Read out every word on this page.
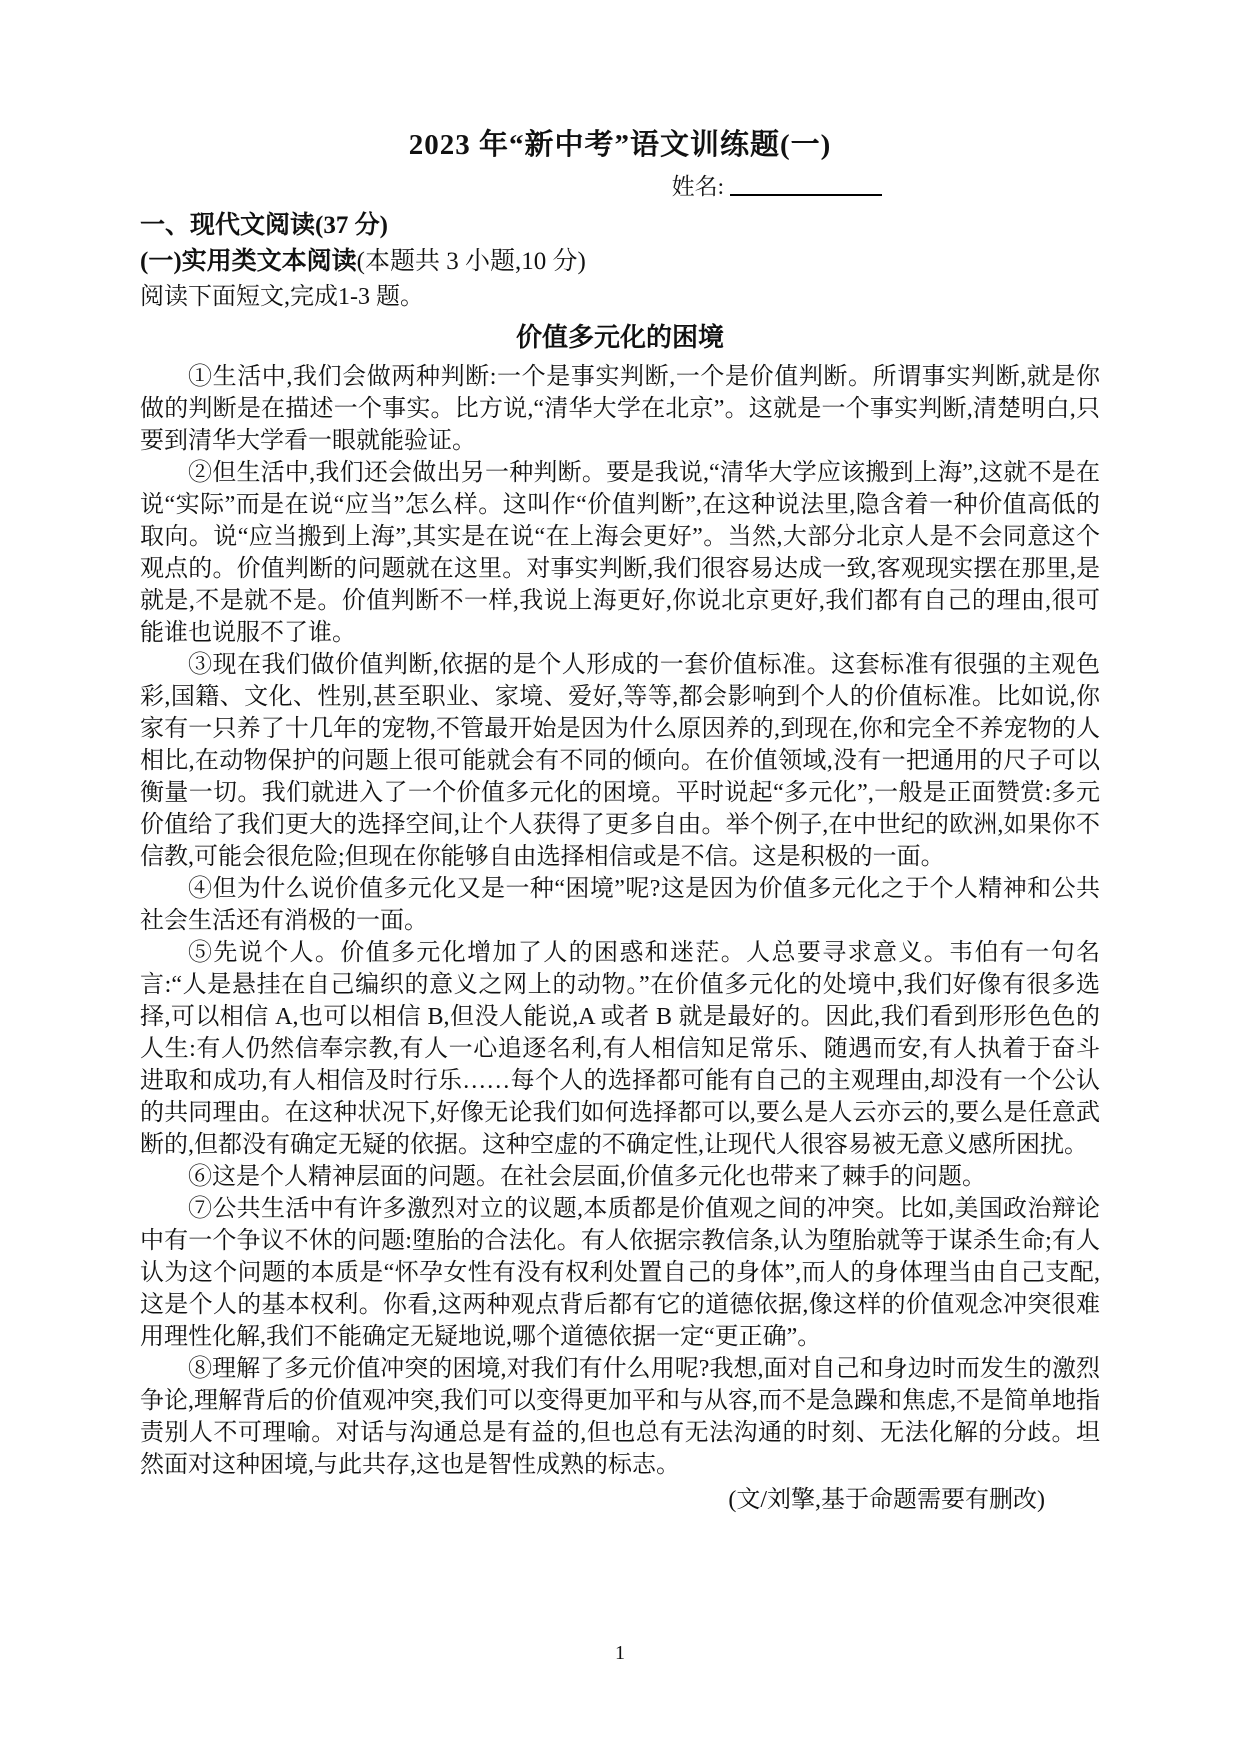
2023 年“新中考”语文训练题(一)
姓名:
一、现代文阅读(37 分)
(一)实用类文本阅读(本题共 3 小题,10 分)
阅读下面短文,完成1-3 题。
价值多元化的困境

①生活中,我们会做两种判断:一个是事实判断,一个是价值判断。所谓事实判断,就是你做的判断是在描述一个事实。比方说,“清华大学在北京”。这就是一个事实判断,清楚明白,只要到清华大学看一眼就能验证。

②但生活中,我们还会做出另一种判断。要是我说,“清华大学应该搬到上海”,这就不是在说“实际”而是在说“应当”怎么样。这叫作“价值判断”,在这种说法里,隐含着一种价值高低的取向。说“应当搬到上海”,其实是在说“在上海会更好”。当然,大部分北京人是不会同意这个观点的。价值判断的问题就在这里。对事实判断,我们很容易达成一致,客观现实摆在那里,是就是,不是就不是。价值判断不一样,我说上海更好,你说北京更好,我们都有自己的理由,很可能谁也说服不了谁。

③现在我们做价值判断,依据的是个人形成的一套价值标准。这套标准有很强的主观色彩,国籍、文化、性别,甚至职业、家境、爱好,等等,都会影响到个人的价值标准。比如说,你家有一只养了十几年的宠物,不管最开始是因为什么原因养的,到现在,你和完全不养宠物的人相比,在动物保护的问题上很可能就会有不同的倾向。在价值领域,没有一把通用的尺子可以衡量一切。我们就进入了一个价值多元化的困境。平时说起“多元化”,一般是正面赞赏:多元价值给了我们更大的选择空间,让个人获得了更多自由。举个例子,在中世纪的欧洲,如果你不信教,可能会很危险;但现在你能够自由选择相信或是不信。这是积极的一面。

④但为什么说价值多元化又是一种“困境”呢?这是因为价值多元化之于个人精神和公共社会生活还有消极的一面。

⑤先说个人。价值多元化增加了人的困惑和迷茫。人总要寻求意义。韦伯有一句名言:“人是悬挂在自己编织的意义之网上的动物。”在价值多元化的处境中,我们好像有很多选择,可以相信 A,也可以相信 B,但没人能说,A 或者 B 就是最好的。因此,我们看到形形色色的人生:有人仍然信奉宗教,有人一心追逐名利,有人相信知足常乐、随遇而安,有人执着于奋斗进取和成功,有人相信及时行乐……每个人的选择都可能有自己的主观理由,却没有一个公认的共同理由。在这种状况下,好像无论我们如何选择都可以,要么是人云亦云的,要么是任意武断的,但都没有确定无疑的依据。这种空虚的不确定性,让现代人很容易被无意义感所困扰。

⑥这是个人精神层面的问题。在社会层面,价值多元化也带来了棘手的问题。

⑦公共生活中有许多激烈对立的议题,本质都是价值观之间的冲突。比如,美国政治辩论中有一个争议不休的问题:堕胎的合法化。有人依据宗教信条,认为堕胎就等于谋杀生命;有人认为这个问题的本质是“怀孕女性有没有权利处置自己的身体”,而人的身体理当由自己支配,这是个人的基本权利。你看,这两种观点背后都有它的道德依据,像这样的价值观念冲突很难用理性化解,我们不能确定无疑地说,哪个道德依据一定“更正确”。

⑧理解了多元价值冲突的困境,对我们有什么用呢?我想,面对自己和身边时而发生的激烈争论,理解背后的价值观冲突,我们可以变得更加平和与从容,而不是急躁和焦虑,不是简单地指责别人不可理喻。对话与沟通总是有益的,但也总有无法沟通的时刻、无法化解的分歧。坦然面对这种困境,与此共存,这也是智性成熟的标志。

(文/刘擎,基于命题需要有删改)
1
